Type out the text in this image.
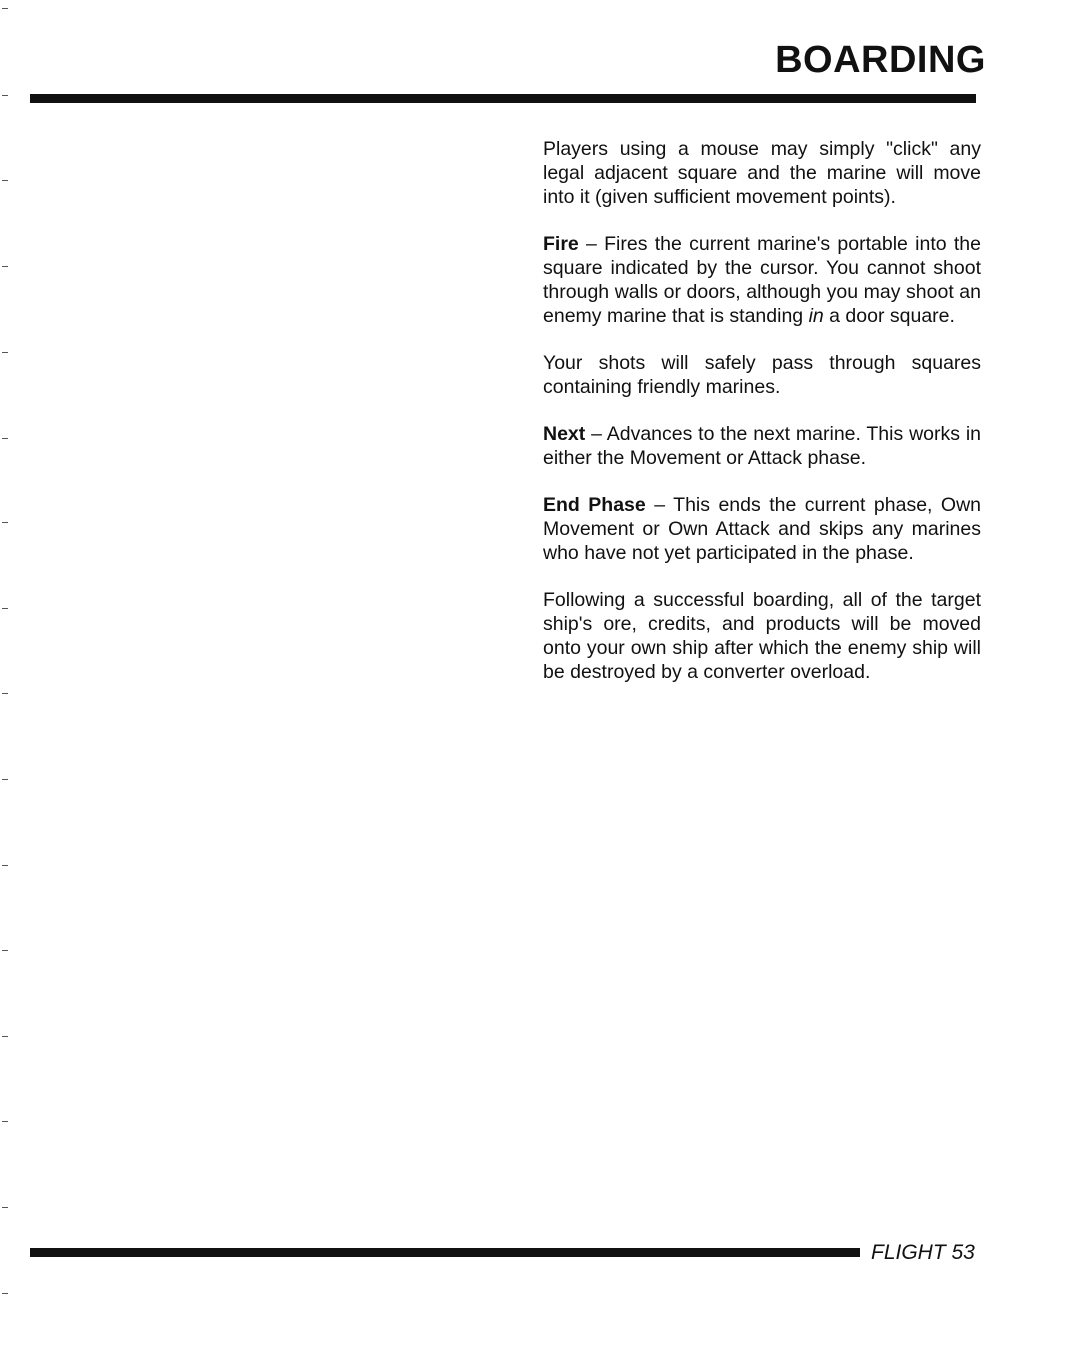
BOARDING

Players using a mouse may simply "click" any legal adjacent square and the marine will move into it (given sufficient movement points).

Fire – Fires the current marine's portable into the square indicated by the cursor. You cannot shoot through walls or doors, although you may shoot an enemy marine that is standing in a door square.

Your shots will safely pass through squares containing friendly marines.

Next – Advances to the next marine. This works in either the Movement or Attack phase.

End Phase – This ends the current phase, Own Movement or Own Attack and skips any marines who have not yet participated in the phase.

Following a successful boarding, all of the target ship's ore, credits, and products will be moved onto your own ship after which the enemy ship will be destroyed by a converter overload.

FLIGHT 53
